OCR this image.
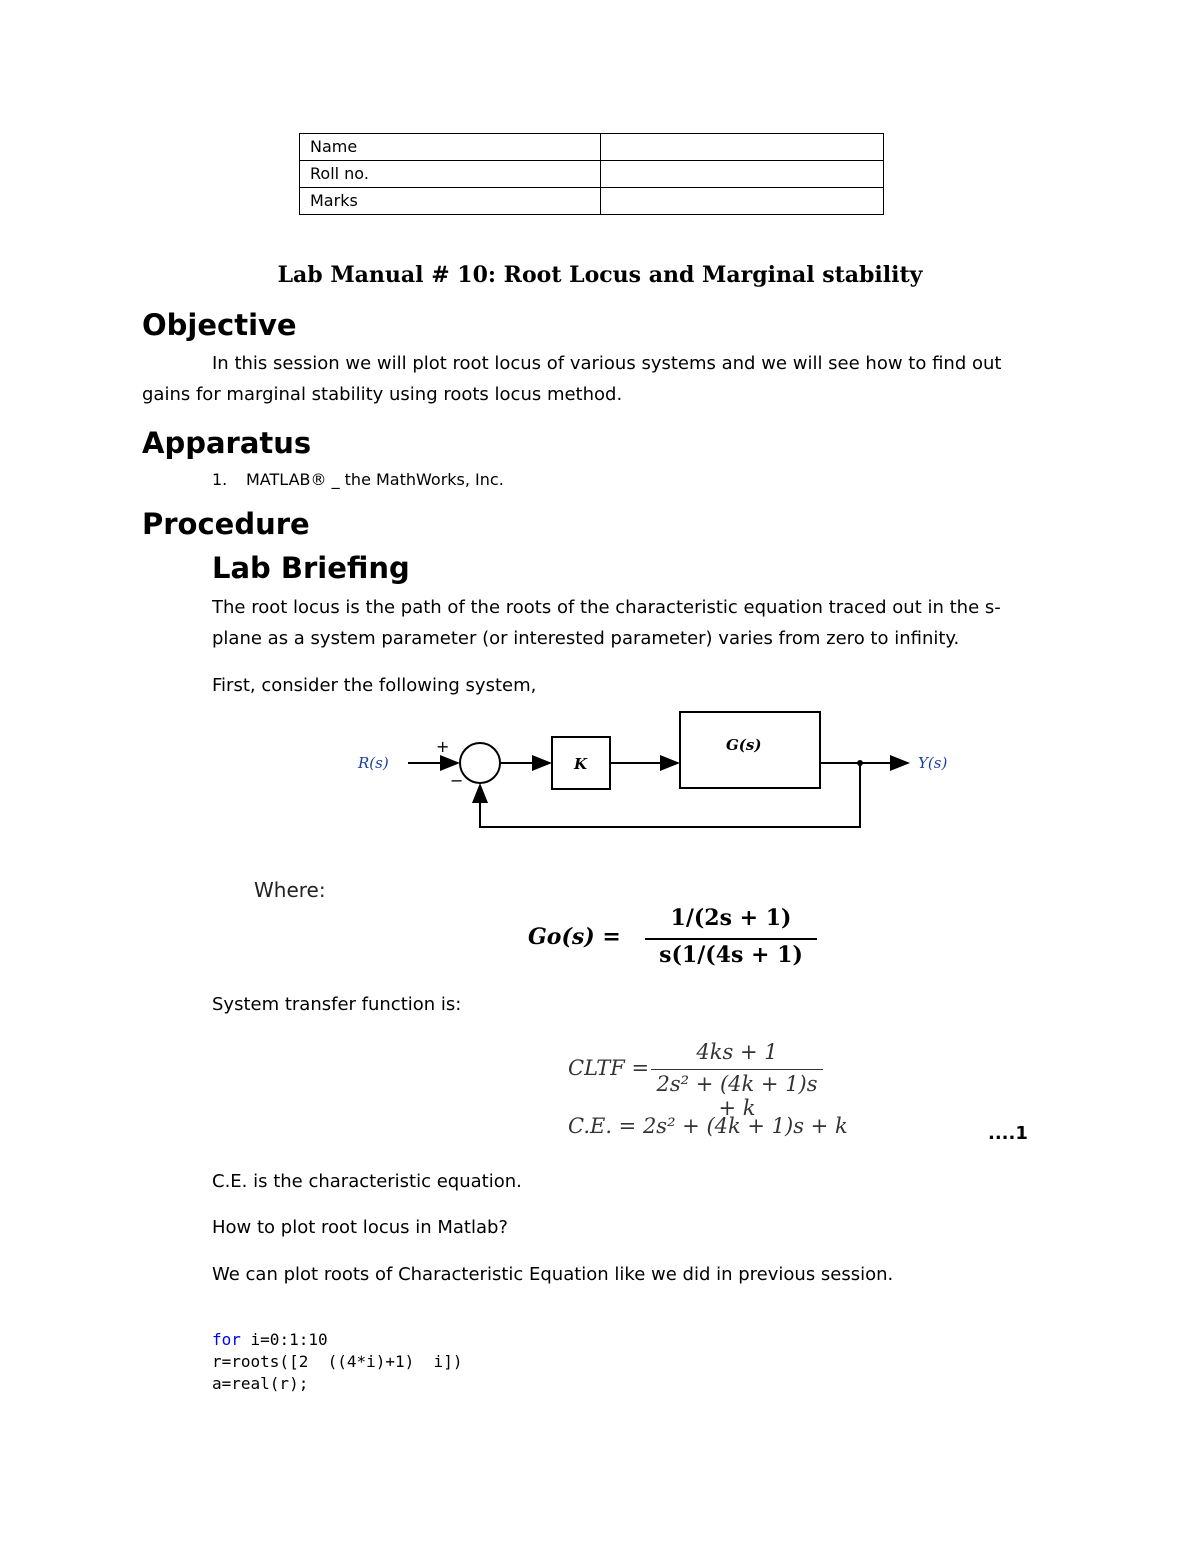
Name	
Roll no.	
Marks	
Lab Manual # 10: Root Locus and Marginal stability
Objective
In this session we will plot root locus of various systems and we will see how to find out
gains for marginal stability using roots locus method.
Apparatus
1. MATLAB® _ the MathWorks, Inc.
Procedure
Lab Briefing
The root locus is the path of the roots of the characteristic equation traced out in the s-
plane as a system parameter (or interested parameter) varies from zero to infinity.
First, consider the following system,
R(s)
+
−
K
G(s)
Y(s)
Where:
Go(s) =
1/(2s + 1)
s(1/(4s + 1)
System transfer function is:
CLTF =
4ks + 1
2s² + (4k + 1)s + k
C.E. = 2s² + (4k + 1)s + k	....1
C.E. is the characteristic equation.
How to plot root locus in Matlab?
We can plot roots of Characteristic Equation like we did in previous session.
for i=0:1:10
r=roots([2  ((4*i)+1)  i])
a=real(r);
